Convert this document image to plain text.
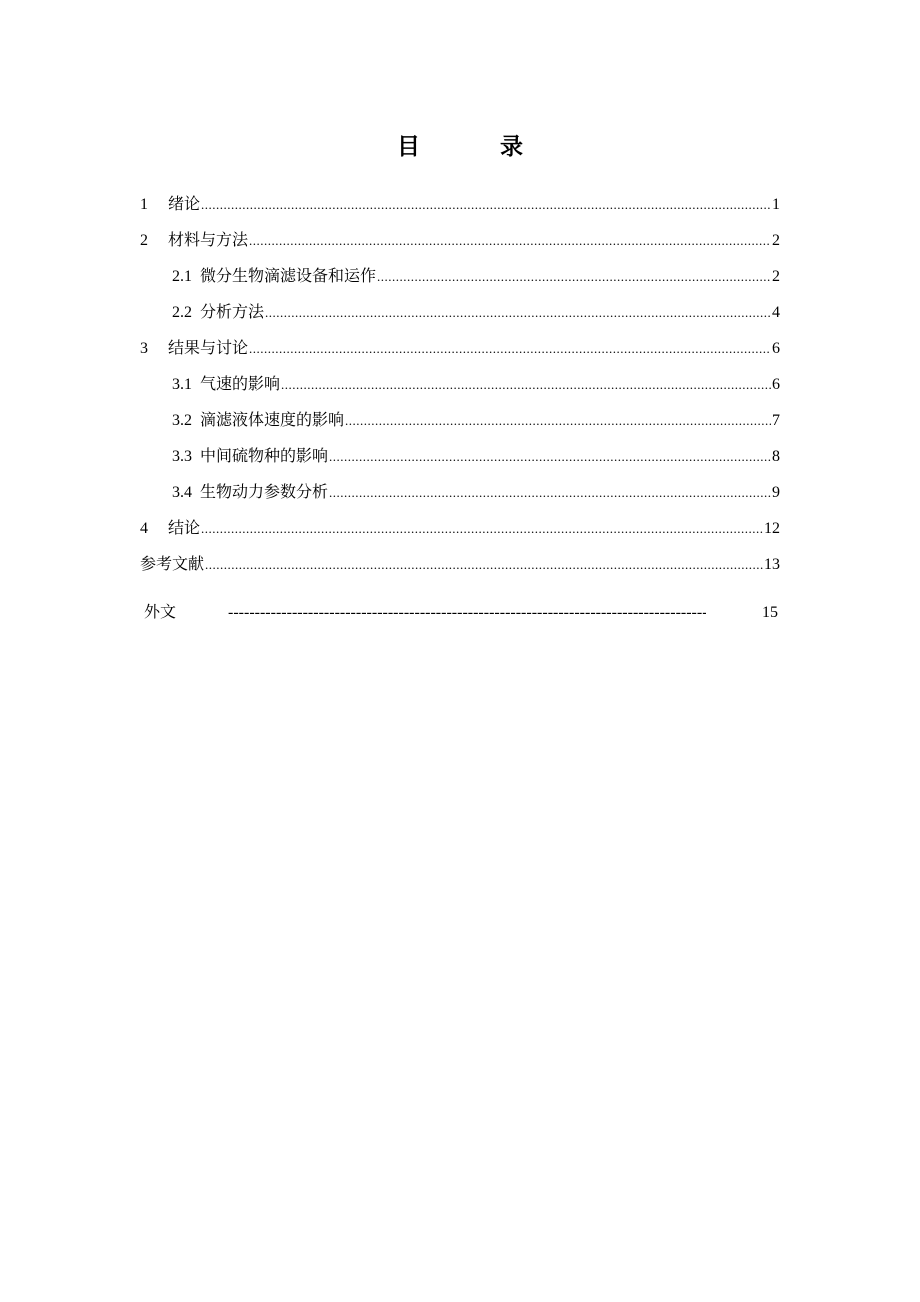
目 录
1	绪论 .....	1
2	材料与方法 .....	2
2.1 微分生物滴滤设备和运作 .....	2
2.2 分析方法 .....	4
3	结果与讨论 .....	6
3.1 气速的影响 .....	6
3.2 滴滤液体速度的影响 .....	7
3.3 中间硫物种的影响 .....	8
3.4 生物动力参数分析 .....	9
4	结论 .....	12
参考文献 .....	13
外文 -----	15
